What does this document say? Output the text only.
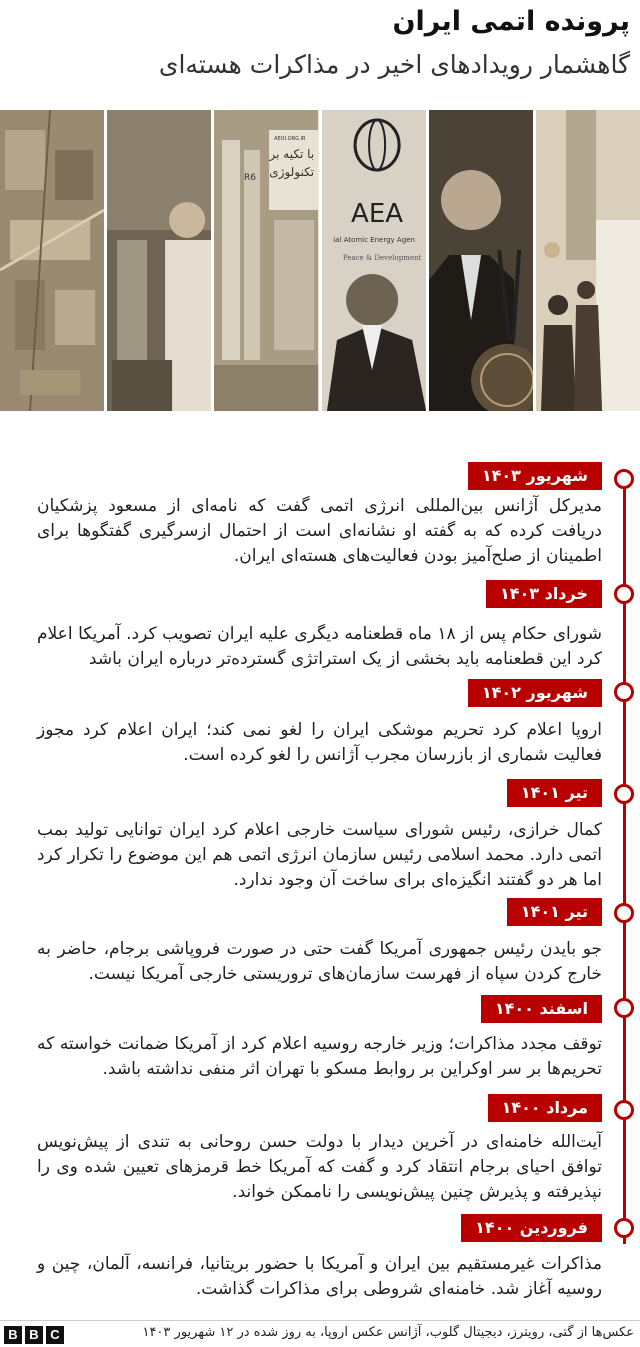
پرونده اتمی ایران
گاهشمار رویدادهای اخیر در مذاکرات هسته‌ای
R6
با تکیه بر
تکنولوژی
AEOI.ORG.IR
AEA
ial Atomic Energy Agen
Peace & Development
شهریور ۱۴۰۳
مدیرکل آژانس بین‌المللی انرژی اتمی گفت که نامه‌ای از مسعود پزشکیان دریافت کرده که به گفته او نشانه‌ای است از احتمال ازسرگیری گفتگوها برای اطمینان از صلح‌آمیز بودن فعالیت‌های هسته‌ای ایران.
خرداد ۱۴۰۳
شورای حکام پس از ۱۸ ماه قطعنامه دیگری علیه ایران تصویب کرد. آمریکا اعلام کرد این قطعنامه باید بخشی از یک استراتژی گسترده‌تر درباره ایران باشد
شهریور ۱۴۰۲
اروپا اعلام کرد تحریم موشکی ایران را لغو نمی کند؛ ایران اعلام کرد مجوز فعالیت شماری از بازرسان مجرب آژانس را لغو کرده است.
تیر ۱۴۰۱
کمال خرازی، رئیس شورای سیاست خارجی اعلام کرد ایران توانایی تولید بمب اتمی دارد. محمد اسلامی رئیس سازمان انرژی اتمی هم این موضوع را تکرار کرد اما هر دو گفتند انگیزه‌ای برای ساخت آن وجود ندارد.
تیر ۱۴۰۱
جو بایدن رئیس جمهوری آمریکا گفت حتی در صورت فروپاشی برجام، حاضر به خارج کردن سپاه از فهرست سازمان‌های تروریستی خارجی آمریکا نیست.
اسفند ۱۴۰۰
توقف مجدد مذاکرات؛ وزیر خارجه روسیه اعلام کرد از آمریکا ضمانت خواسته که تحریم‌ها بر سر اوکراین بر روابط مسکو با تهران اثر منفی نداشته باشد.
مرداد ۱۴۰۰
آیت‌الله خامنه‌ای در آخرین دیدار با دولت حسن روحانی به تندی از پیش‌نویس توافق احیای برجام انتقاد کرد و گفت که آمریکا خط قرمزهای تعیین شده وی را نپذیرفته و پذیرش چنین پیش‌نویسی را ناممکن خواند.
فروردین ۱۴۰۰
مذاکرات غیرمستقیم بین ایران و آمریکا با حضور بریتانیا، فرانسه، آلمان، چین و روسیه آغاز شد. خامنه‌ای شروطی برای مذاکرات گذاشت.
عکس‌ها از گتی، رویترز، دیجیتال گلوب، آژانس عکس اروپا، به روز شده در ۱۲ شهریور ۱۴۰۳
B B C
